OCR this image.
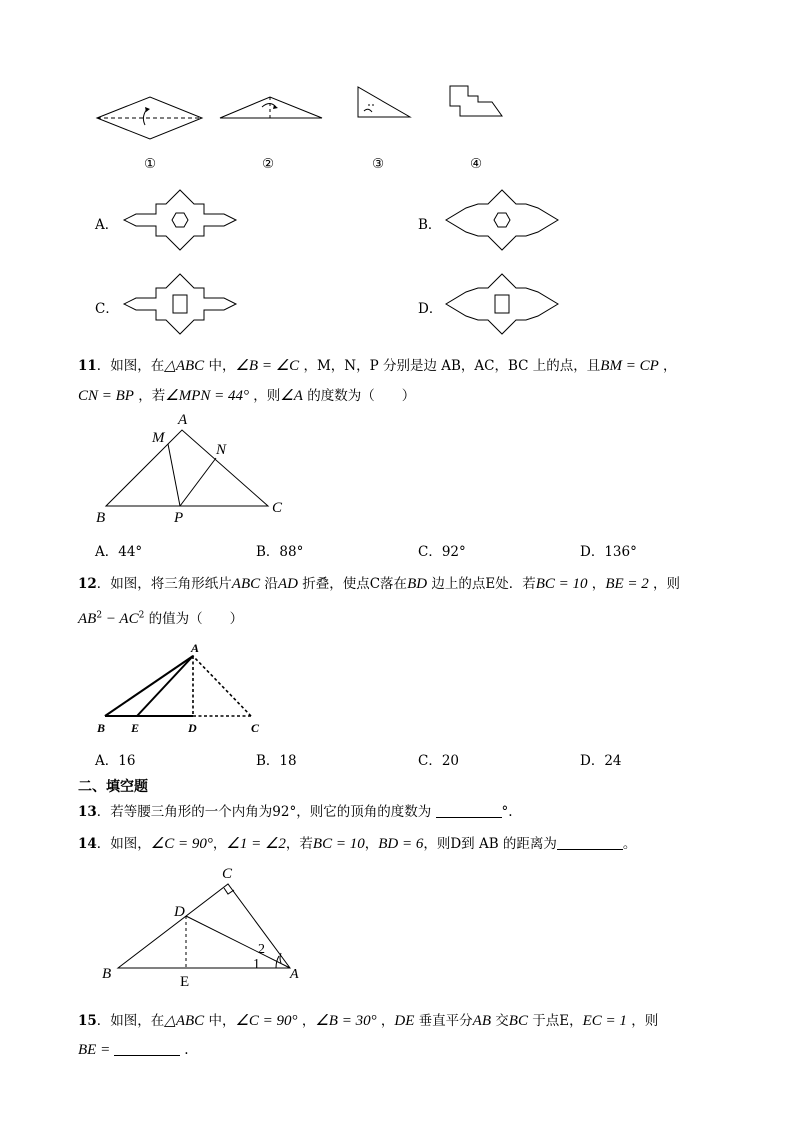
①	②	③	④
A．	B．
C．	D．
11．如图，在△ABC 中，∠B = ∠C ，M，N，P 分别是边 AB，AC，BC 上的点，且BM = CP ，
CN = BP ，若∠MPN = 44° ，则∠A 的度数为（　　）
A
M
N
B	P
C
A．44°	B．88°	C．92°	D．136°
12．如图，将三角形纸片ABC 沿AD 折叠，使点C落在BD 边上的点E处．若BC = 10 ，BE = 2 ，则
$AB^2 - AC^2$ 的值为（　　）
A
B E	D	C
A．16	B．18	C．20	D．24
二、填空题
13．若等腰三角形的一个内角为92°，则它的顶角的度数为	°.
14．如图，∠C = 90°，∠1 = ∠2，若BC = 10，BD = 6，则D到 AB 的距离为	。
C
D
B	E	A
1
2
15．如图，在△ABC 中，∠C = 90° ，∠B = 30° ，DE 垂直平分AB 交BC 于点E，EC = 1 ，则
BE =	.
